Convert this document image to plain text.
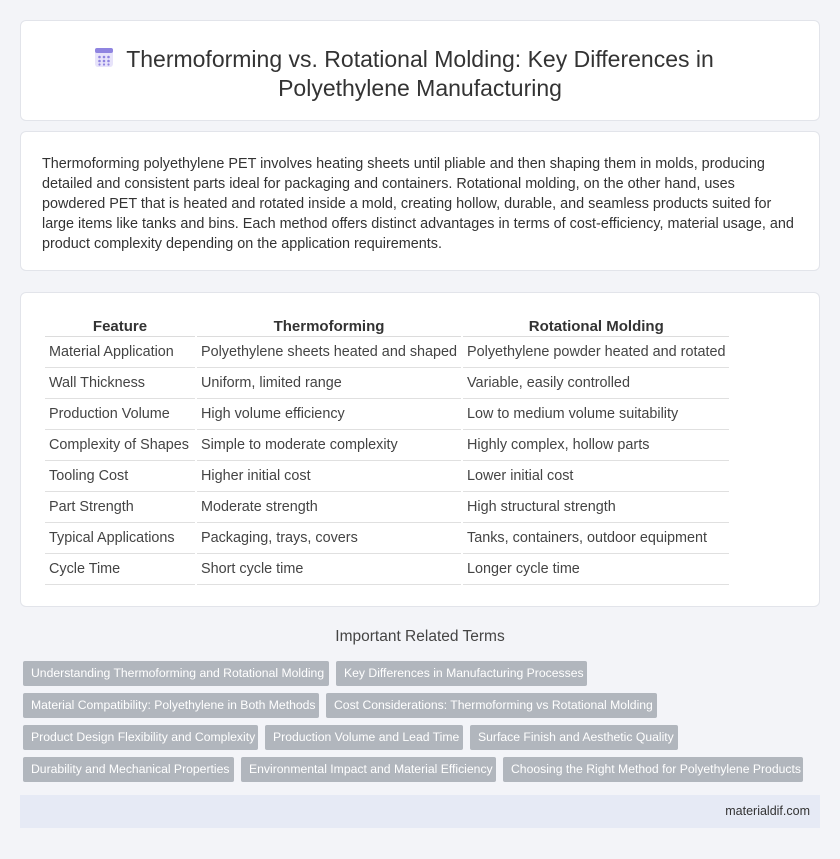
Thermoforming vs. Rotational Molding: Key Differences in
Polyethylene Manufacturing

Thermoforming polyethylene PET involves heating sheets until pliable and then shaping them in molds, producing detailed and consistent parts ideal for packaging and containers. Rotational molding, on the other hand, uses powdered PET that is heated and rotated inside a mold, creating hollow, durable, and seamless products suited for large items like tanks and bins. Each method offers distinct advantages in terms of cost-efficiency, material usage, and product complexity depending on the application requirements.

Feature	Thermoforming	Rotational Molding
Material Application	Polyethylene sheets heated and shaped	Polyethylene powder heated and rotated
Wall Thickness	Uniform, limited range	Variable, easily controlled
Production Volume	High volume efficiency	Low to medium volume suitability
Complexity of Shapes	Simple to moderate complexity	Highly complex, hollow parts
Tooling Cost	Higher initial cost	Lower initial cost
Part Strength	Moderate strength	High structural strength
Typical Applications	Packaging, trays, covers	Tanks, containers, outdoor equipment
Cycle Time	Short cycle time	Longer cycle time
Important Related Terms
Understanding Thermoforming and Rotational Molding	Key Differences in Manufacturing Processes
Material Compatibility: Polyethylene in Both Methods	Cost Considerations: Thermoforming vs Rotational Molding
Product Design Flexibility and Complexity	Production Volume and Lead Time	Surface Finish and Aesthetic Quality
Durability and Mechanical Properties	Environmental Impact and Material Efficiency	Choosing the Right Method for Polyethylene Products
materialdif.com
